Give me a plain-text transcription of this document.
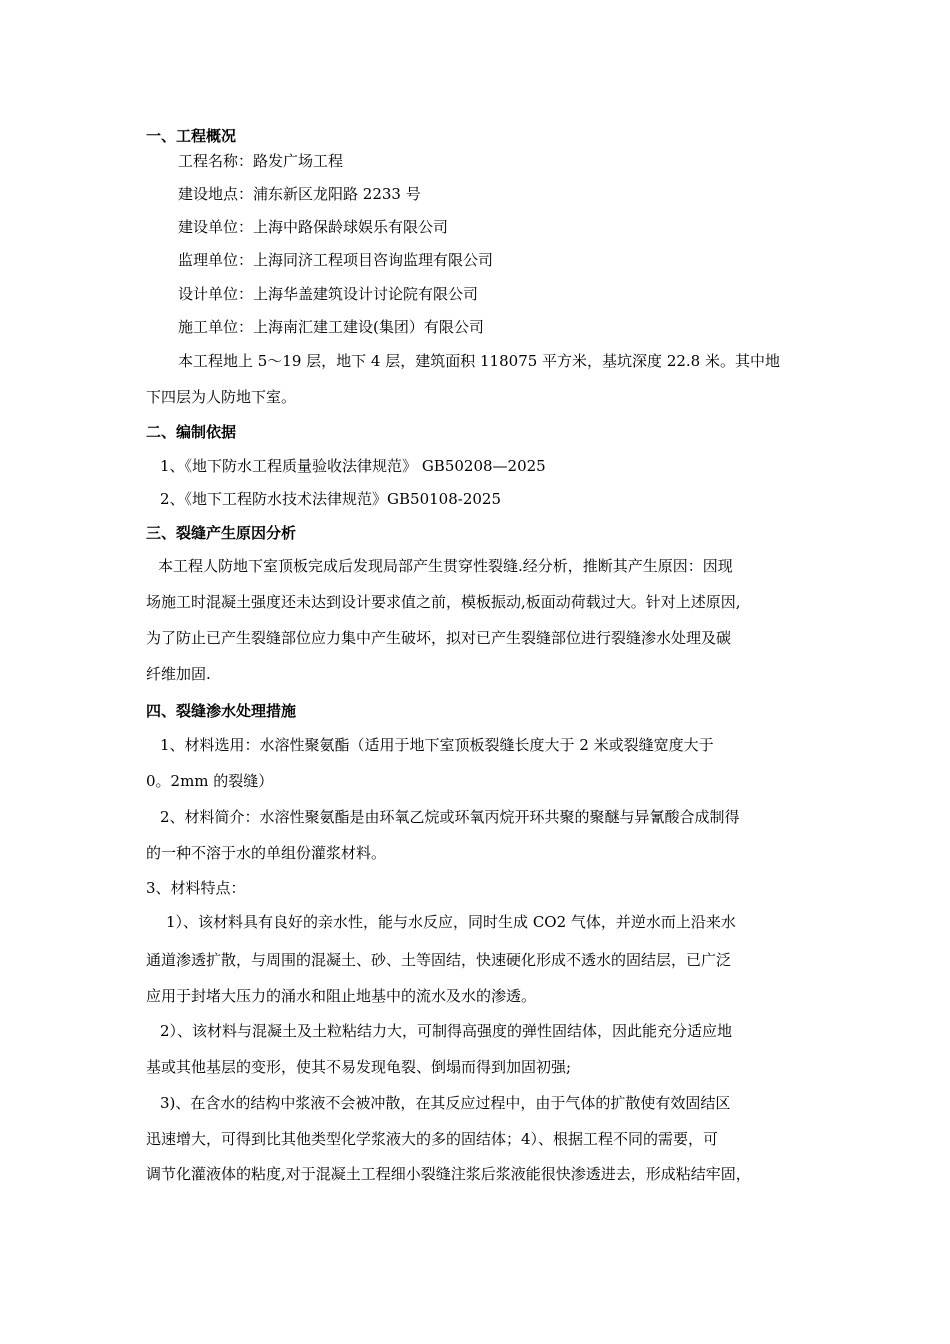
一、工程概况
工程名称：路发广场工程
建设地点：浦东新区龙阳路 2233 号
建设单位：上海中路保龄球娱乐有限公司
监理单位：上海同济工程项目咨询监理有限公司
设计单位：上海华盖建筑设计讨论院有限公司
施工单位：上海南汇建工建设(集团）有限公司
本工程地上 5～19 层，地下 4 层，建筑面积 118075 平方米，基坑深度 22.8 米。其中地
下四层为人防地下室。
二、编制依据
1、《地下防水工程质量验收法律规范》 GB50208—2025
2、《地下工程防水技术法律规范》GB50108-2025
三、裂缝产生原因分析
本工程人防地下室顶板完成后发现局部产生贯穿性裂缝.经分析，推断其产生原因：因现
场施工时混凝土强度还未达到设计要求值之前，模板振动,板面动荷载过大。针对上述原因,
为了防止已产生裂缝部位应力集中产生破坏，拟对已产生裂缝部位进行裂缝渗水处理及碳
纤维加固.
四、裂缝渗水处理措施
1、材料选用：水溶性聚氨酯（适用于地下室顶板裂缝长度大于 2 米或裂缝宽度大于
0。2mm 的裂缝）
2、材料简介：水溶性聚氨酯是由环氧乙烷或环氧丙烷开环共聚的聚醚与异氰酸合成制得
的一种不溶于水的单组份灌浆材料。
3、材料特点：
1）、该材料具有良好的亲水性，能与水反应，同时生成 CO2 气体，并逆水而上沿来水
通道渗透扩散，与周围的混凝土、砂、土等固结，快速硬化形成不透水的固结层，已广泛
应用于封堵大压力的涌水和阻止地基中的流水及水的渗透。
2）、该材料与混凝土及土粒粘结力大，可制得高强度的弹性固结体，因此能充分适应地
基或其他基层的变形，使其不易发现龟裂、倒塌而得到加固初强;
3)、在含水的结构中浆液不会被冲散，在其反应过程中，由于气体的扩散使有效固结区
迅速增大，可得到比其他类型化学浆液大的多的固结体；4）、根据工程不同的需要，可
调节化灌液体的粘度,对于混凝土工程细小裂缝注浆后浆液能很快渗透进去，形成粘结牢固，
